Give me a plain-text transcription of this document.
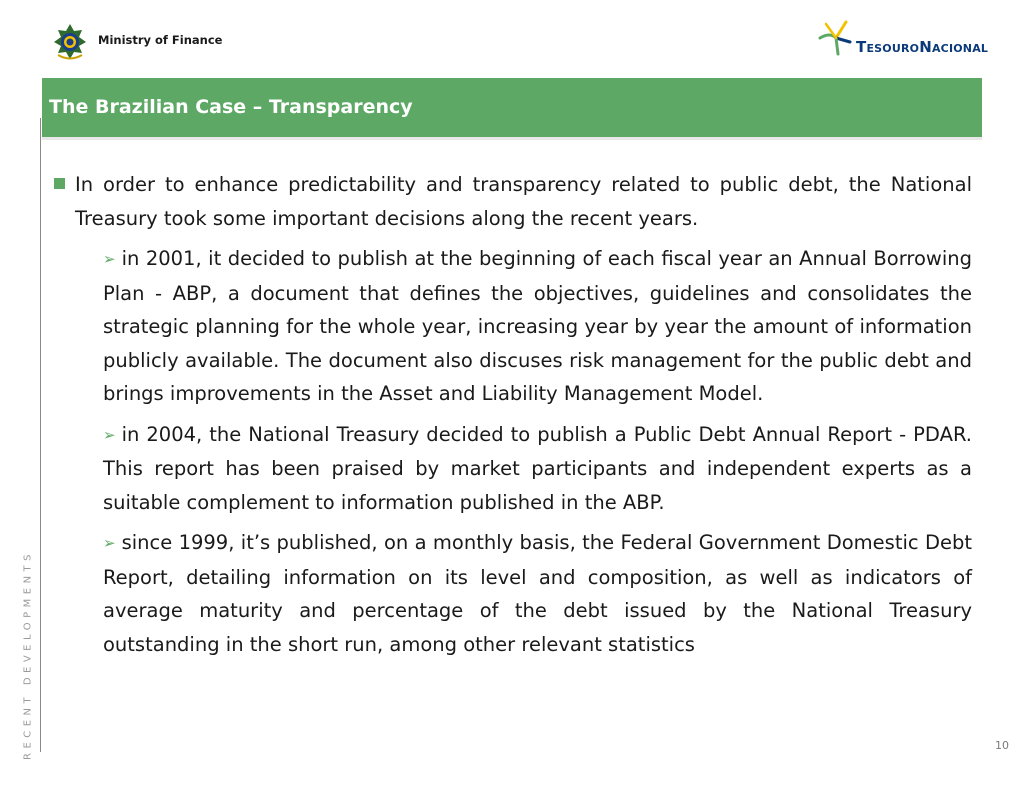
Ministry of Finance	TESOURONACIONAL
The Brazilian Case – Transparency
RECENT DEVELOPMENTS
In order to enhance predictability and transparency related to public debt, the National Treasury took some important decisions along the recent years.
➢ in 2001, it decided to publish at the beginning of each fiscal year an Annual Borrowing Plan - ABP, a document that defines the objectives, guidelines and consolidates the strategic planning for the whole year, increasing year by year the amount of information publicly available. The document also discuses risk management for the public debt and brings improvements in the Asset and Liability Management Model.
➢ in 2004, the National Treasury decided to publish a Public Debt Annual Report - PDAR. This report has been praised by market participants and independent experts as a suitable complement to information published in the ABP.
➢ since 1999, it’s published, on a monthly basis, the Federal Government Domestic Debt Report, detailing information on its level and composition, as well as indicators of average maturity and percentage of the debt issued by the National Treasury outstanding in the short run, among other relevant statistics
10
